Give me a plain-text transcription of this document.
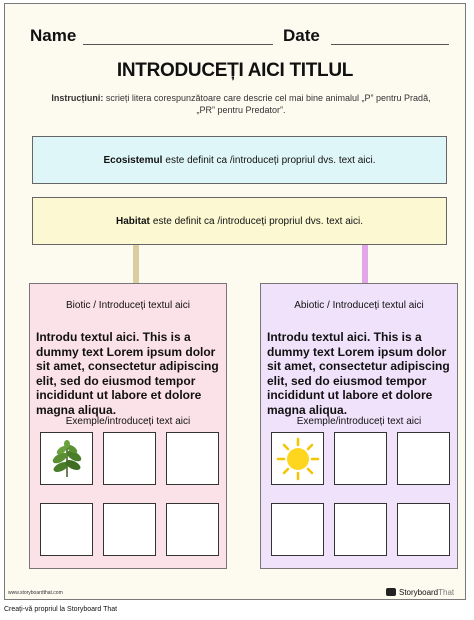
Name	Date
INTRODUCEȚI AICI TITLUL
Instrucțiuni: scrieți litera corespunzătoare care descrie cel mai bine animalul „P” pentru Pradă, „PR” pentru Predator”.
Ecosistemul este definit ca /introduceți propriul dvs. text aici.
Habitat este definit ca /introduceți propriul dvs. text aici.
Biotic / Introduceți textul aici
Introdu textul aici. This is a dummy text Lorem ipsum dolor sit amet, consectetur adipiscing elit, sed do eiusmod tempor incididunt ut labore et dolore magna aliqua.
Exemple/introduceți text aici
Abiotic / Introduceți textul aici
Introdu textul aici. This is a dummy text Lorem ipsum dolor sit amet, consectetur adipiscing elit, sed do eiusmod tempor incididunt ut labore et dolore magna aliqua.
Exemple/introduceți text aici
www.storyboardthat.com	Storyboard That
Creați-vă propriul la Storyboard That
